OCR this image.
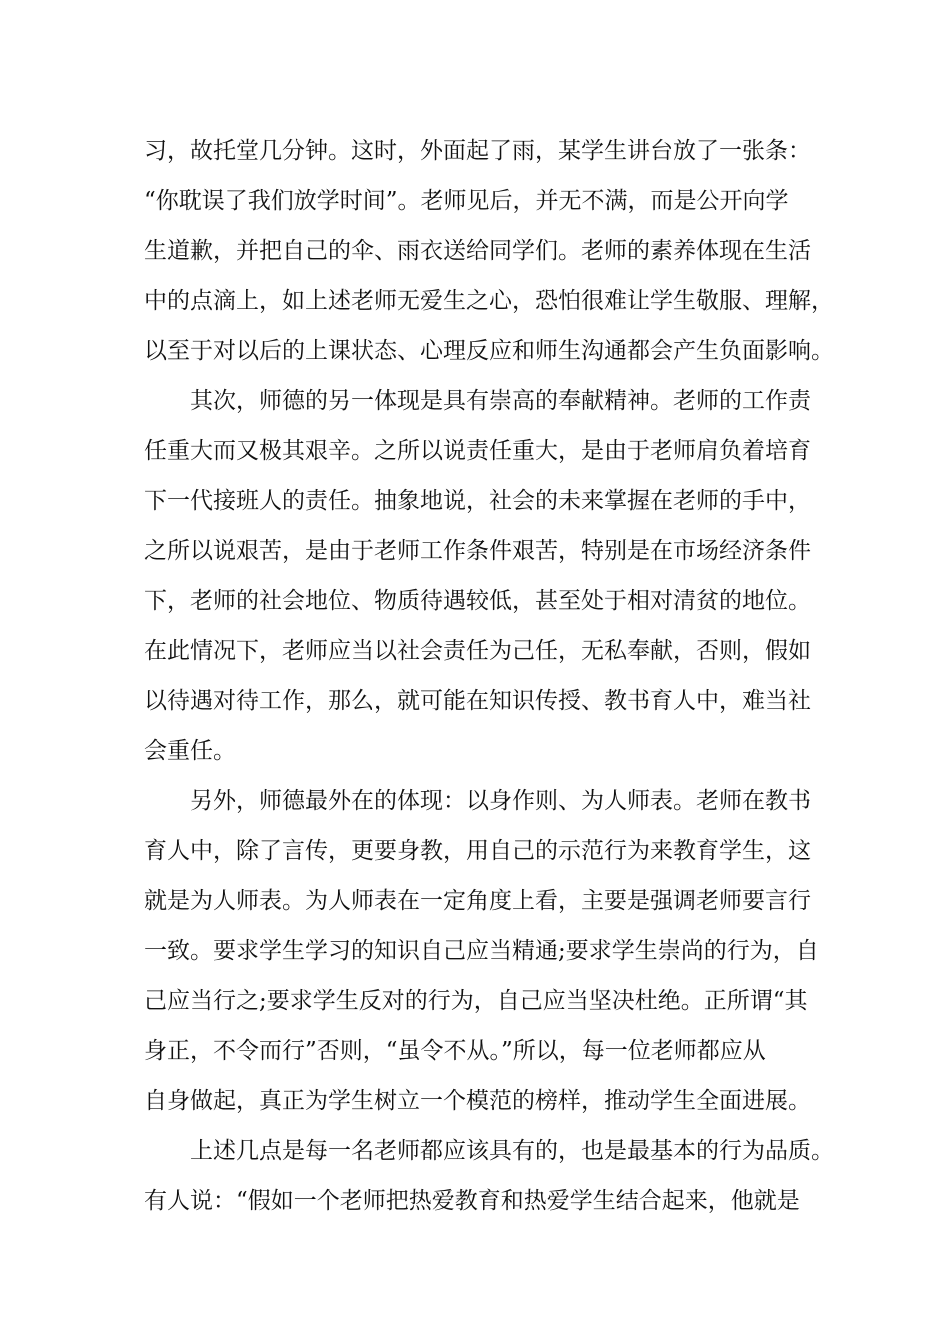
习，故托堂几分钟。这时，外面起了雨，某学生讲台放了一张条：
“你耽误了我们放学时间”。老师见后，并无不满，而是公开向学
生道歉，并把自己的伞、雨衣送给同学们。老师的素养体现在生活
中的点滴上，如上述老师无爱生之心，恐怕很难让学生敬服、理解，
以至于对以后的上课状态、心理反应和师生沟通都会产生负面影响。
其次，师德的另一体现是具有崇高的奉献精神。老师的工作责
任重大而又极其艰辛。之所以说责任重大，是由于老师肩负着培育
下一代接班人的责任。抽象地说，社会的未来掌握在老师的手中，
之所以说艰苦，是由于老师工作条件艰苦，特别是在市场经济条件
下，老师的社会地位、物质待遇较低，甚至处于相对清贫的地位。
在此情况下，老师应当以社会责任为己任，无私奉献，否则，假如
以待遇对待工作，那么，就可能在知识传授、教书育人中，难当社
会重任。
另外，师德最外在的体现：以身作则、为人师表。老师在教书
育人中，除了言传，更要身教，用自己的示范行为来教育学生，这
就是为人师表。为人师表在一定角度上看，主要是强调老师要言行
一致。要求学生学习的知识自己应当精通;要求学生崇尚的行为，自
己应当行之;要求学生反对的行为，自己应当坚决杜绝。正所谓“其
身正，不令而行”否则，“虽令不从。”所以，每一位老师都应从
自身做起，真正为学生树立一个模范的榜样，推动学生全面进展。
上述几点是每一名老师都应该具有的，也是最基本的行为品质。
有人说：“假如一个老师把热爱教育和热爱学生结合起来，他就是
